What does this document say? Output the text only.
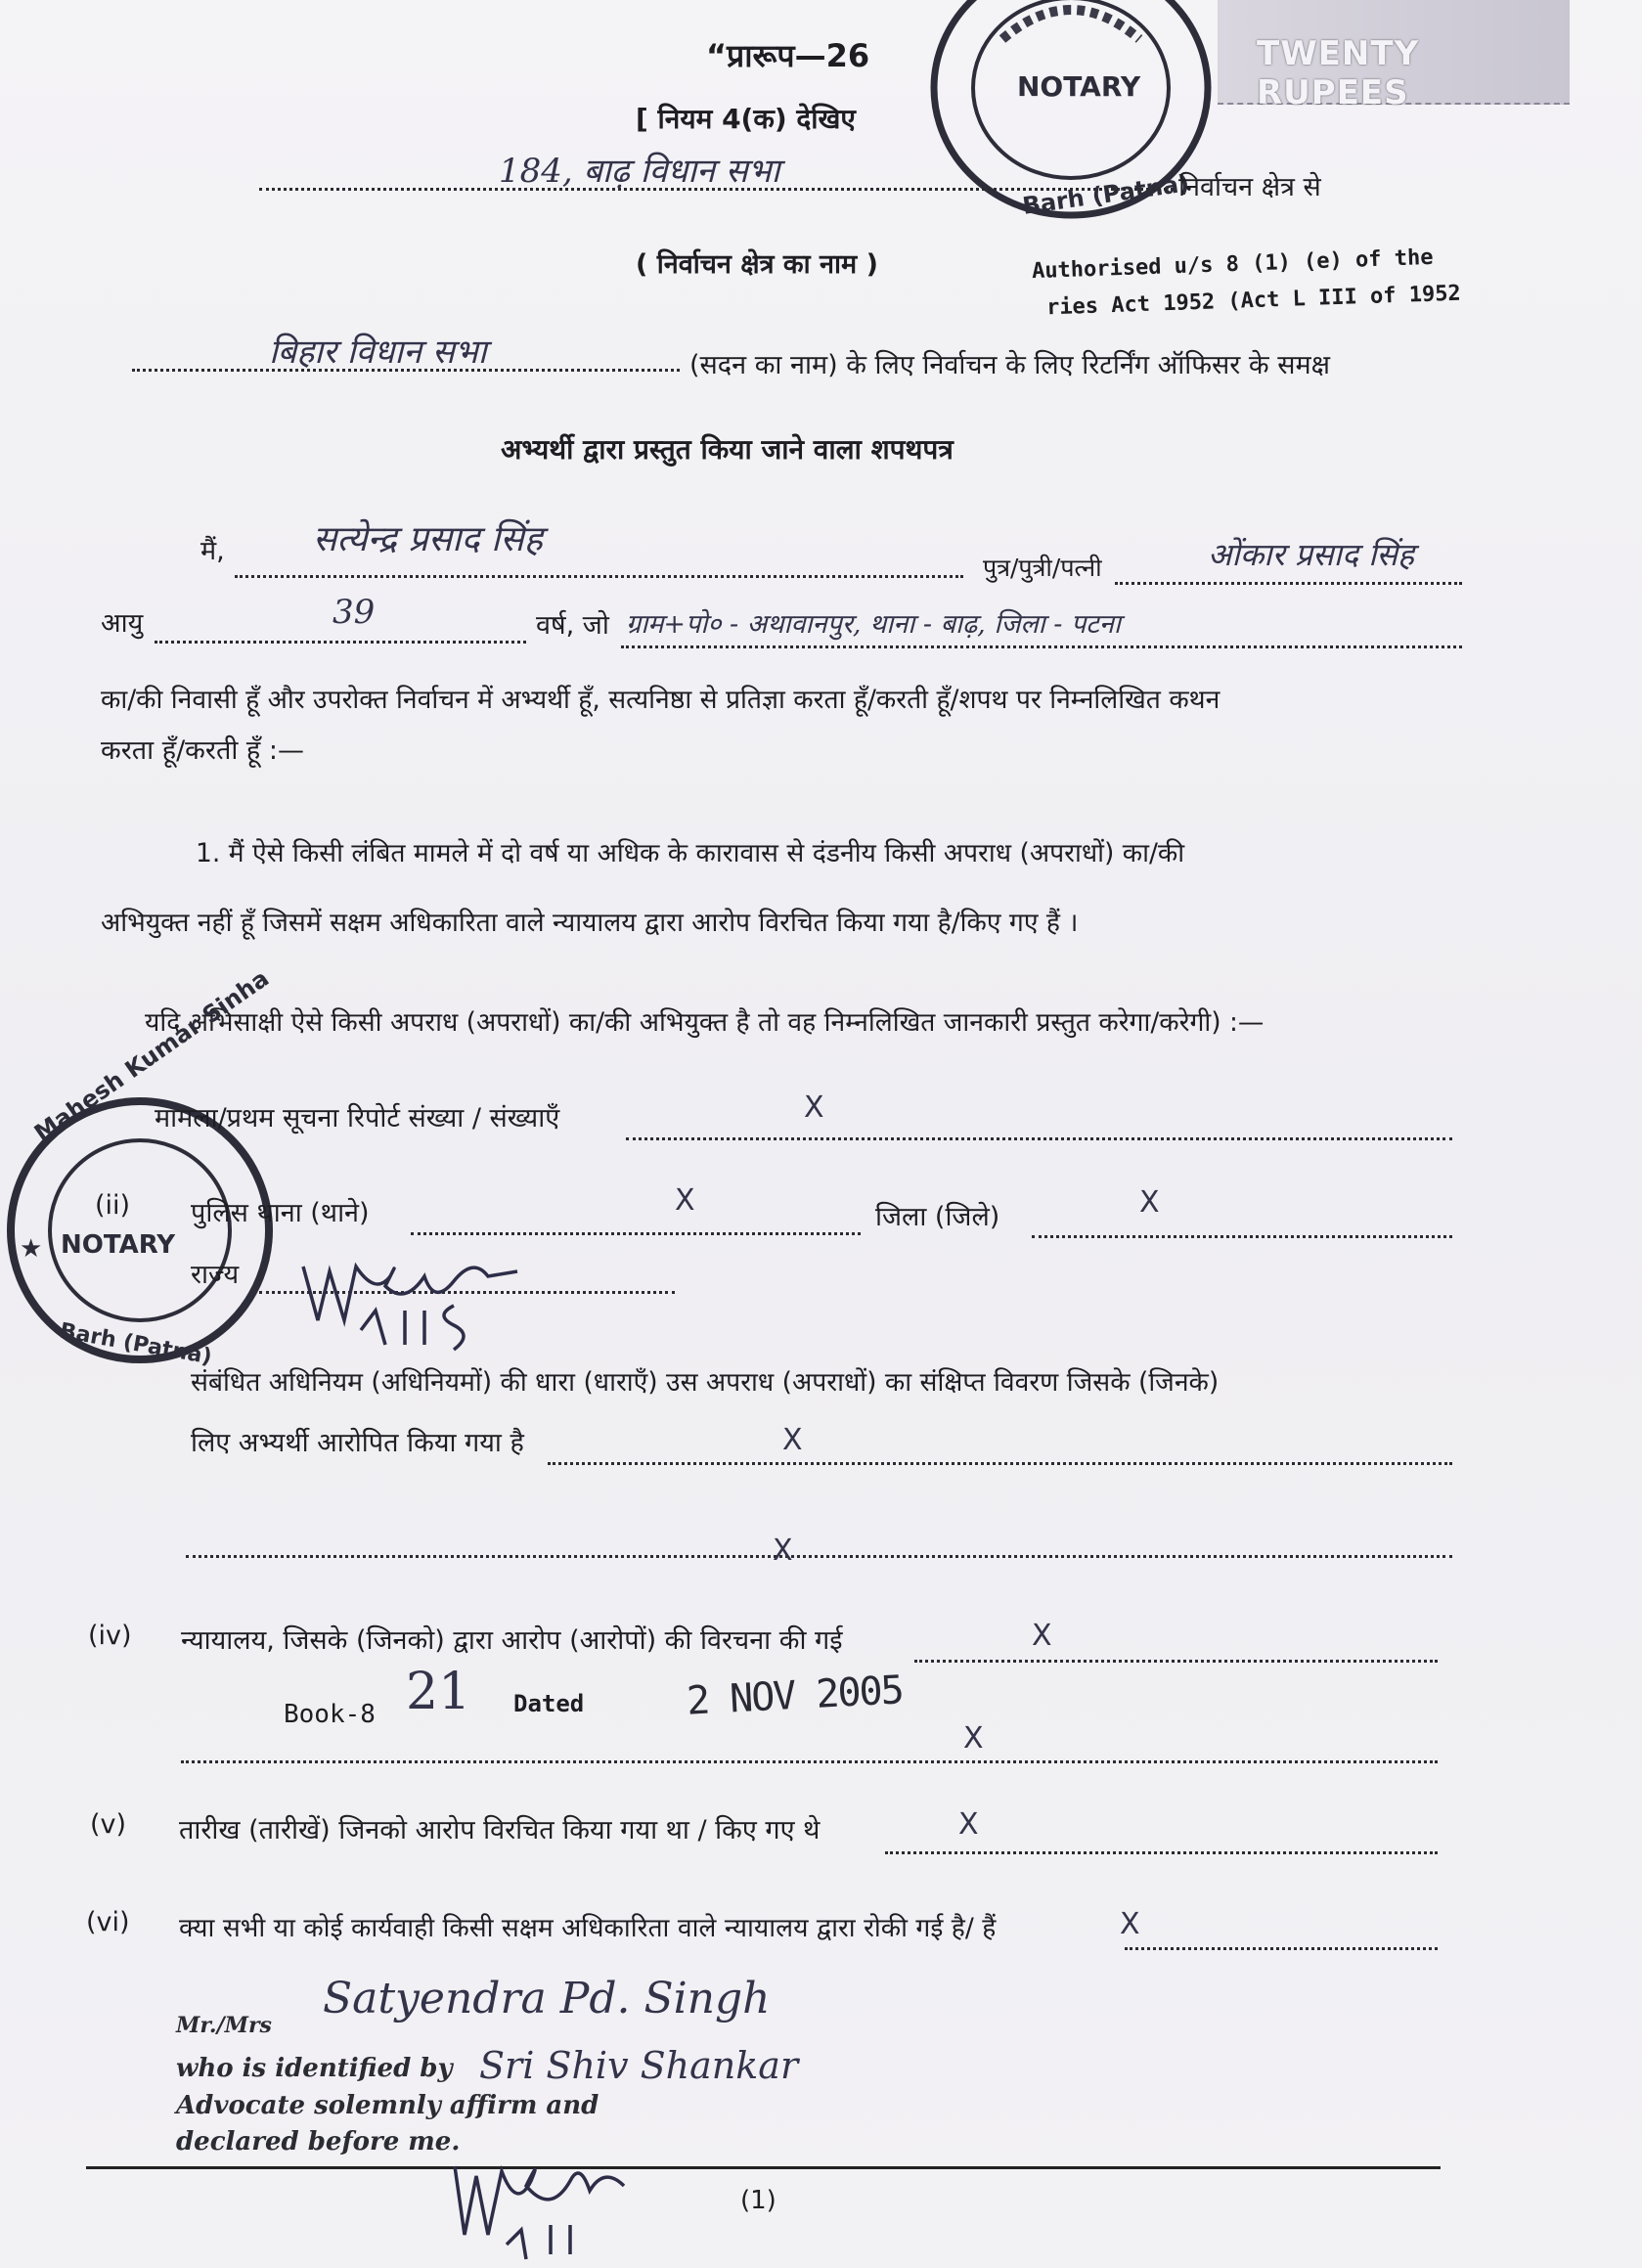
TWENTY RUPEES
NOTARY
Barh (Patna)
“प्रारूप—26
[ नियम 4(क) देखिए
184, बाढ़ विधान सभा	निर्वाचन क्षेत्र से
( निर्वाचन क्षेत्र का नाम )	Authorised u/s 8 (1) (e) of the
ries Act 1952 (Act L III of 1952
बिहार विधान सभा	(सदन का नाम) के लिए निर्वाचन के लिए रिटर्निंग ऑफिसर के समक्ष
अभ्यर्थी द्वारा प्रस्तुत किया जाने वाला शपथपत्र
मैं,	सत्येन्द्र प्रसाद सिंह
पुत्र/पुत्री/पत्नी	ओंकार प्रसाद सिंह
आयु	39	वर्ष, जो ग्राम+पो० - अथावानपुर, थाना - बाढ़, जिला - पटना
का/की निवासी हूँ और उपरोक्त निर्वाचन में अभ्यर्थी हूँ, सत्यनिष्ठा से प्रतिज्ञा करता हूँ/करती हूँ/शपथ पर निम्नलिखित कथन
करता हूँ/करती हूँ :—
1. मैं ऐसे किसी लंबित मामले में दो वर्ष या अधिक के कारावास से दंडनीय किसी अपराध (अपराधों) का/की
अभियुक्त नहीं हूँ जिसमें सक्षम अधिकारिता वाले न्यायालय द्वारा आरोप विरचित किया गया है/किए गए हैं ।
यदि अभिसाक्षी ऐसे किसी अपराध (अपराधों) का/की अभियुक्त है तो वह निम्नलिखित जानकारी प्रस्तुत करेगा/करेगी) :—
★
Mahesh Kumar Sinha
NOTARY
Barh (Patna)
मामला/प्रथम सूचना रिपोर्ट संख्या / संख्याएँ	X
(ii) पुलिस थाना (थाने)	X	जिला (जिले)	X
राज्य
संबंधित अधिनियम (अधिनियमों) की धारा (धाराएँ) उस अपराध (अपराधों) का संक्षिप्त विवरण जिसके (जिनके)
लिए अभ्यर्थी आरोपित किया गया है	X
X
(iv) न्यायालय, जिसके (जिनको) द्वारा आरोप (आरोपों) की विरचना की गई	X
Book-8 21 Dated	2 NOV 2005
X
(v) तारीख (तारीखें) जिनको आरोप विरचित किया गया था / किए गए थे	X
(vi) क्या सभी या कोई कार्यवाही किसी सक्षम अधिकारिता वाले न्यायालय द्वारा रोकी गई है/ हैं	X
Mr./Mrs
Satyendra Pd. Singh
who is identified by Sri Shiv Shankar
Advocate solemnly affirm and
declared before me.
(1)
